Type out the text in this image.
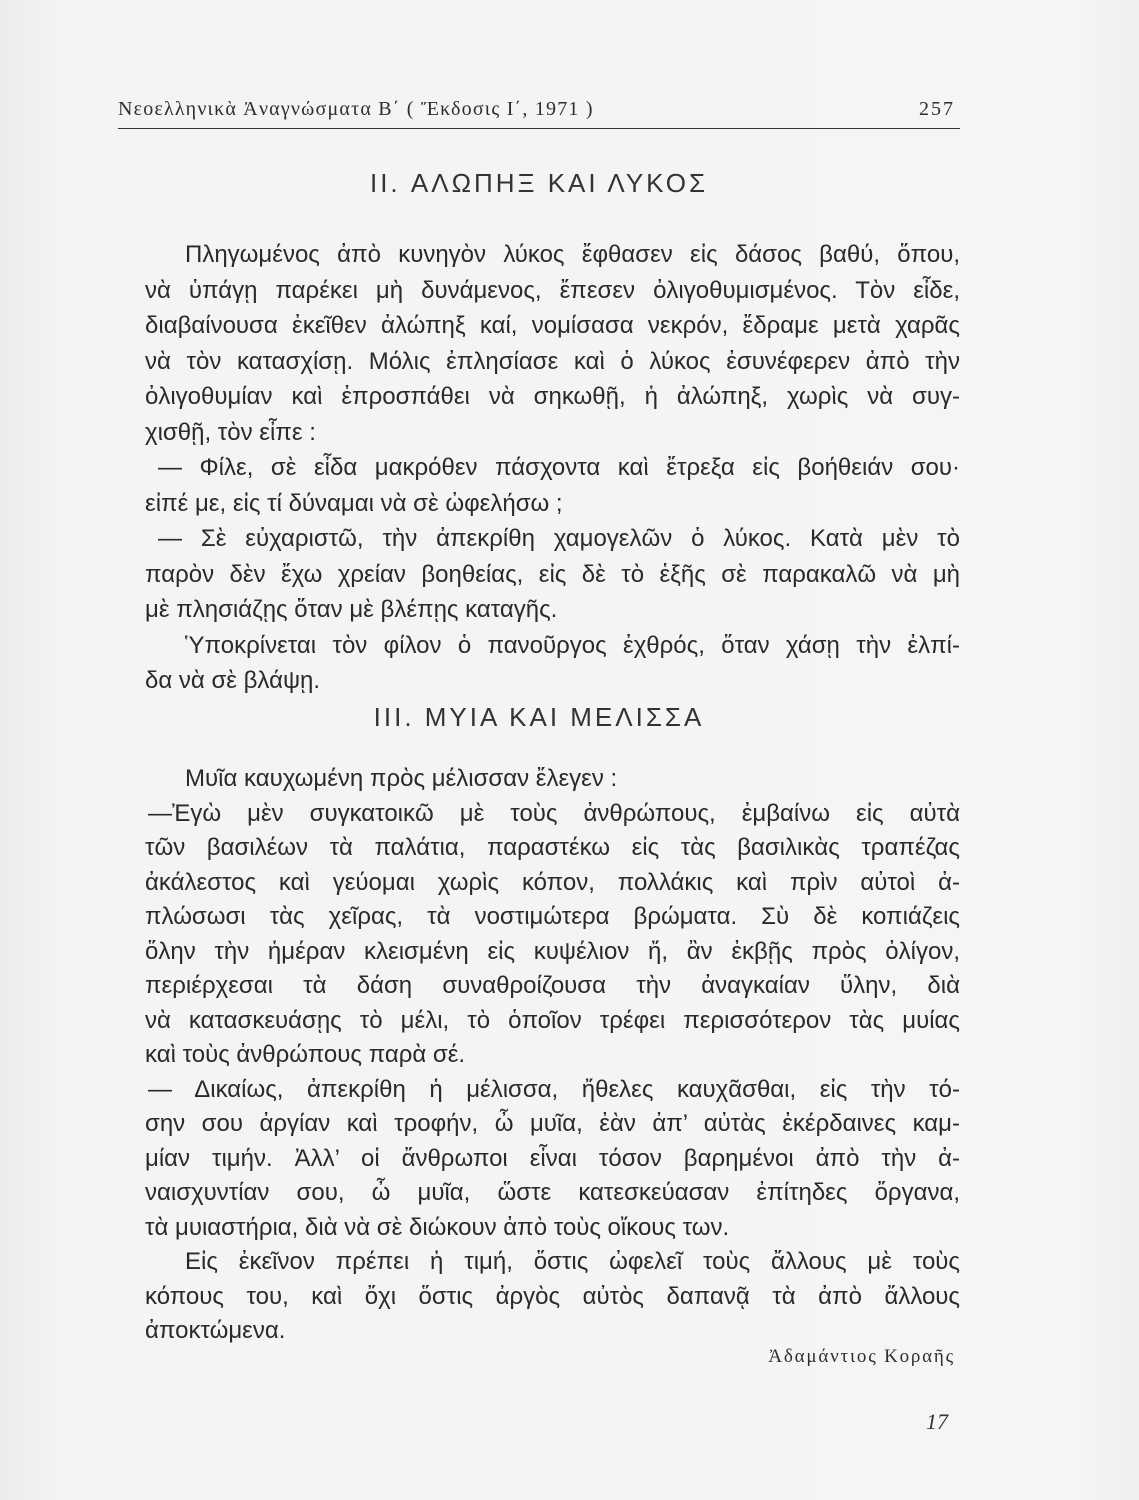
Νεοελληνικὰ Ἀναγνώσματα Β΄ ( Ἔκδοσις Ι΄, 1971 )	257
II. ΑΛΩΠΗΞ ΚΑΙ ΛΥΚΟΣ
Πληγωμένος ἀπὸ κυνηγὸν λύκος ἔφθασεν εἰς δάσος βαθύ, ὅπου,
νὰ ὑπάγῃ παρέκει μὴ δυνάμενος, ἔπεσεν ὀλιγοθυμισμένος. Τὸν εἶδε,
διαβαίνουσα ἐκεῖθεν ἀλώπηξ καί, νομίσασα νεκρόν, ἔδραμε μετὰ χαρᾶς
νὰ τὸν κατασχίσῃ. Μόλις ἐπλησίασε καὶ ὁ λύκος ἐσυνέφερεν ἀπὸ τὴν
ὀλιγοθυμίαν καὶ ἐπροσπάθει νὰ σηκωθῇ, ἡ ἀλώπηξ, χωρὶς νὰ συγ-
χισθῇ, τὸν εἶπε :
— Φίλε, σὲ εἶδα μακρόθεν πάσχοντα καὶ ἔτρεξα εἰς βοήθειάν σου·
εἰπέ με, εἰς τί δύναμαι νὰ σὲ ὠφελήσω ;
— Σὲ εὐχαριστῶ, τὴν ἀπεκρίθη χαμογελῶν ὁ λύκος. Κατὰ μὲν τὸ
παρὸν δὲν ἔχω χρείαν βοηθείας, εἰς δὲ τὸ ἑξῆς σὲ παρακαλῶ νὰ μὴ
μὲ πλησιάζῃς ὅταν μὲ βλέπῃς καταγῆς.
Ὑποκρίνεται τὸν φίλον ὁ πανοῦργος ἐχθρός, ὅταν χάσῃ τὴν ἐλπί-
δα νὰ σὲ βλάψῃ.
III. ΜΥΙΑ ΚΑΙ ΜΕΛΙΣΣΑ
Μυῖα καυχωμένη πρὸς μέλισσαν ἔλεγεν :
—Ἐγὼ μὲν συγκατοικῶ μὲ τοὺς ἀνθρώπους, ἐμβαίνω εἰς αὐτὰ
τῶν βασιλέων τὰ παλάτια, παραστέκω εἰς τὰς βασιλικὰς τραπέζας
ἀκάλεστος καὶ γεύομαι χωρὶς κόπον, πολλάκις καὶ πρὶν αὐτοὶ ἀ-
πλώσωσι τὰς χεῖρας, τὰ νοστιμώτερα βρώματα. Σὺ δὲ κοπιάζεις
ὅλην τὴν ἡμέραν κλεισμένη εἰς κυψέλιον ἤ, ἂν ἐκβῇς πρὸς ὀλίγον,
περιέρχεσαι τὰ δάση συναθροίζουσα τὴν ἀναγκαίαν ὕλην, διὰ
νὰ κατασκευάσῃς τὸ μέλι, τὸ ὁποῖον τρέφει περισσότερον τὰς μυίας
καὶ τοὺς ἀνθρώπους παρὰ σέ.
— Δικαίως, ἀπεκρίθη ἡ μέλισσα, ἤθελες καυχᾶσθαι, εἰς τὴν τό-
σην σου ἀργίαν καὶ τροφήν, ὦ μυῖα, ἐὰν ἀπ’ αὐτὰς ἐκέρδαινες καμ-
μίαν τιμήν. Ἀλλ’ οἱ ἄνθρωποι εἶναι τόσον βαρημένοι ἀπὸ τὴν ἀ-
ναισχυντίαν σου, ὦ μυῖα, ὥστε κατεσκεύασαν ἐπίτηδες ὄργανα,
τὰ μυιαστήρια, διὰ νὰ σὲ διώκουν ἀπὸ τοὺς οἴκους των.
Εἰς ἐκεῖνον πρέπει ἡ τιμή, ὅστις ὠφελεῖ τοὺς ἄλλους μὲ τοὺς
κόπους του, καὶ ὄχι ὅστις ἀργὸς αὐτὸς δαπανᾷ τὰ ἀπὸ ἄλλους
ἀποκτώμενα.
Ἀδαμάντιος Κοραῆς
17
